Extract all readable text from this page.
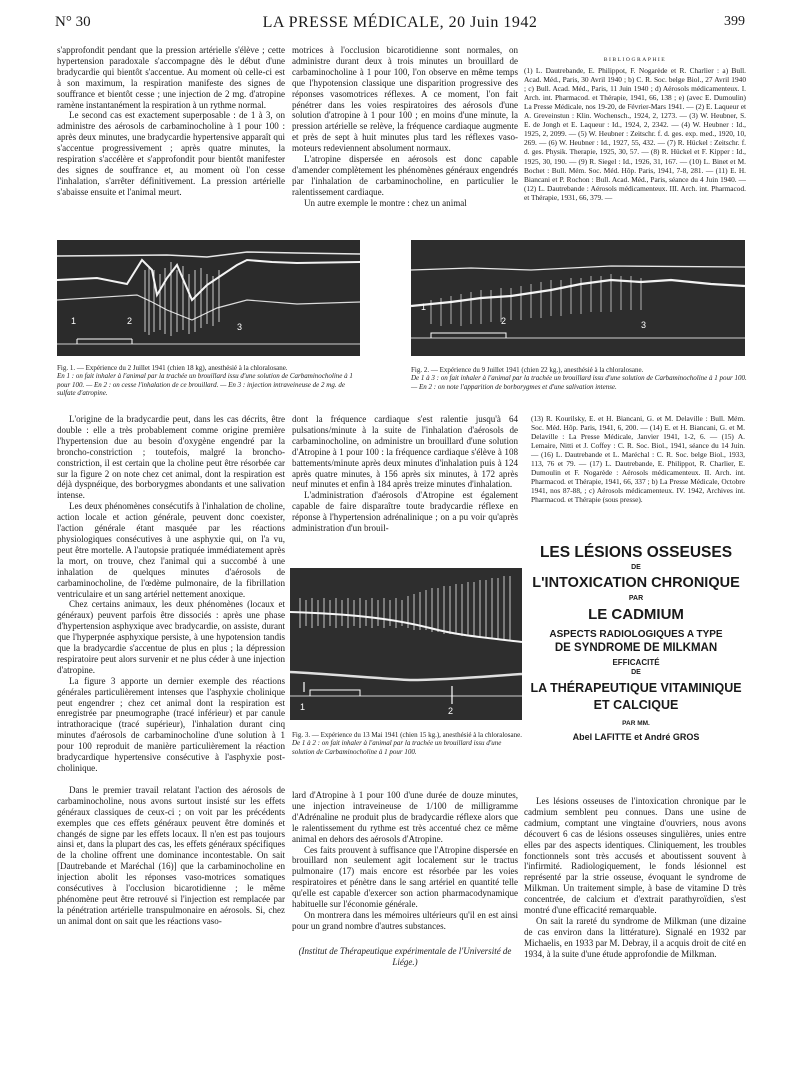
N° 30	LA PRESSE MÉDICALE, 20 Juin 1942	399

s'approfondit pendant que la pression artérielle s'élève ; cette hypertension paradoxale s'accompagne dès le début d'une bradycardie qui bientôt s'accentue. Au moment où celle-ci est à son maximum, la respiration manifeste des signes de souffrance et bientôt cesse ; une injection de 2 mg. d'atropine ramène instantanément la respiration à un rythme normal.

Le second cas est exactement superposable : de 1 à 3, on administre des aérosols de carbaminocholine à 1 pour 100 : après deux minutes, une bradycardie hypertensive apparaît qui s'accentue progressivement ; après quatre minutes, la respiration s'accélère et s'approfondit pour bientôt manifester des signes de souffrance et, au moment où l'on cesse l'inhalation, s'arrêter définitivement. La pression artérielle s'abaisse ensuite et l'animal meurt.

motrices à l'occlusion bicarotidienne sont normales, on administre durant deux à trois minutes un brouillard de carbaminocholine à 1 pour 100, l'on observe en même temps que l'hypotension classique une disparition progressive des réponses vasomotrices réflexes. A ce moment, l'on fait pénétrer dans les voies respiratoires des aérosols d'une solution d'atropine à 1 pour 100 ; en moins d'une minute, la pression artérielle se relève, la fréquence cardiaque augmente et près de sept à huit minutes plus tard les réflexes vaso-moteurs redeviennent absolument normaux.

L'atropine dispersée en aérosols est donc capable d'amender complètement les phénomènes généraux engendrés par l'inhalation de carbaminocholine, en particulier le ralentissement cardiaque.

Un autre exemple le montre : chez un animal

BIBLIOGRAPHIE
(1) L. Dautrebande, E. Philippot, F. Nogarède et R. Charlier : a) Bull. Acad. Méd., Paris, 30 Avril 1940 ; b) C. R. Soc. belge Biol., 27 Avril 1940 ; c) Bull. Acad. Méd., Paris, 11 Juin 1940 ; d) Aérosols médicamenteux. I. Arch. int. Pharmacod. et Thérapie, 1941, 66, 138 ; e) (avec E. Dumoulin) La Presse Médicale, nos 19-20, de Février-Mars 1941. — (2) E. Laqueur et A. Greveinstun : Klin. Wochensch., 1924, 2, 1273. — (3) W. Heubner, S. E. de Jongh et E. Laqueur : Id., 1924, 2, 2342. — (4) W. Heubner : Id., 1925, 2, 2099. — (5) W. Heubner : Zeitschr. f. d. ges. exp. med., 1920, 10, 269. — (6) W. Heubner : Id., 1927, 55, 432. — (7) R. Hückel : Zeitschr. f. d. ges. Physik. Therapie, 1925, 30, 57. — (8) R. Hückel et F. Kipper : Id., 1925, 30, 190. — (9) R. Siegel : Id., 1926, 31, 167. — (10) L. Binet et M. Bochet : Bull. Mém. Soc. Méd. Hôp. Paris, 1941, 7-8, 281. — (11) E. H. Biancani et P. Rochon : Bull. Acad. Méd., Paris, séance du 4 Juin 1940. — (12) L. Dautrebande : Aérosols médicamenteux. III. Arch. int. Pharmacod. et Thérapie, 1931, 66, 379. —
1	2
3
Fig. 1. — Expérience du 2 Juillet 1941 (chien 18 kg), anesthésié à la chloralosane.
En 1 : on fait inhaler à l'animal par la trachée un brouillard issu d'une solution de Carbaminocholine à 1 pour 100. — En 2 : on cesse l'inhalation de ce brouillard. — En 3 : injection intraveineuse de 2 mg. de sulfate d'atropine.
1
2	3
Fig. 2. — Expérience du 9 Juillet 1941 (chien 22 kg.), anesthésié à la chloralosane.
De 1 à 3 : on fait inhaler à l'animal par la trachée un brouillard issu d'une solution de Carbaminocholine à 1 pour 100. — En 2 : on note l'apparition de borborygmes et d'une salivation intense.

L'origine de la bradycardie peut, dans les cas décrits, être double : elle a très probablement comme origine première l'hypertension due au besoin d'oxygène engendré par la broncho-constriction ; toutefois, malgré la broncho-constriction, il est certain que la choline peut être résorbée car sur la figure 2 on note chez cet animal, dont la respiration est déjà dyspnéique, des borborygmes abondants et une salivation intense.

Les deux phénomènes consécutifs à l'inhalation de choline, action locale et action générale, peuvent donc coexister, l'action générale étant masquée par les réactions physiologiques consécutives à une asphyxie qui, on l'a vu, peut être mortelle. A l'autopsie pratiquée immédiatement après la mort, on trouve, chez l'animal qui a succombé à une inhalation de quelques minutes d'aérosols de carbaminocholine, de l'œdème pulmonaire, de la fibrillation ventriculaire et un sang artériel nettement anoxique.

Chez certains animaux, les deux phénomènes (locaux et généraux) peuvent parfois être dissociés : après une phase d'hypertension asphyxique avec bradycardie, on assiste, durant que l'hyperpnée asphyxique persiste, à une hypotension tandis que la bradycardie s'accentue de plus en plus ; la dépression respiratoire peut alors survenir et ne plus céder à une injection d'atropine.

La figure 3 apporte un dernier exemple des réactions générales particulièrement intenses que l'asphyxie cholinique peut engendrer ; chez cet animal dont la respiration est enregistrée par pneumographe (tracé inférieur) et par canule intrathoracique (tracé supérieur), l'inhalation durant cinq minutes d'aérosols de carbaminocholine d'une solution à 1 pour 100 reproduit de manière particulièrement la réaction bradycardique hypertensive consécutive à l'asphyxie post-cholinique.

Dans le premier travail relatant l'action des aérosols de carbaminocholine, nous avons surtout insisté sur les effets généraux classiques de ceux-ci ; on voit par les précédents exemples que ces effets généraux peuvent être dominés et changés de signe par les effets locaux. Il n'en est pas toujours ainsi et, dans la plupart des cas, les effets généraux spécifiques de la choline offrent une dominance incontestable. On sait [Dautrebande et Maréchal (16)] que la carbaminocholine en injection abolit les réponses vaso-motrices somatiques consécutives à l'occlusion bicarotidienne ; le même phénomène peut être retrouvé si l'injection est remplacée par la pénétration artérielle transpulmonaire en aérosols. Si, chez un animal dont on sait que les réactions vaso-

dont la fréquence cardiaque s'est ralentie jusqu'à 64 pulsations/minute à la suite de l'inhalation d'aérosols de carbaminocholine, on administre un brouillard d'une solution d'Atropine à 1 pour 100 : la fréquence cardiaque s'élève à 108 battements/minute après deux minutes d'inhalation puis à 124 après quatre minutes, à 156 après six minutes, à 172 après neuf minutes et enfin à 184 après treize minutes d'inhalation.

L'administration d'aérosols d'Atropine est également capable de faire disparaître toute bradycardie réflexe en réponse à l'hypertension adrénalinique ; on a pu voir qu'après administration d'un brouil-

1	2
Fig. 3. — Expérience du 13 Mai 1941 (chien 15 kg.), anesthésié à la chloralosane.
De 1 à 2 : on fait inhaler à l'animal par la trachée un brouillard issu d'une solution de Carbaminocholine à 1 pour 100.

lard d'Atropine à 1 pour 100 d'une durée de douze minutes, une injection intraveineuse de 1/100 de milligramme d'Adrénaline ne produit plus de bradycardie réflexe alors que le ralentissement du rythme est très accentué chez ce même animal en dehors des aérosols d'Atropine.

Ces faits prouvent à suffisance que l'Atropine dispersée en brouillard non seulement agit localement sur le tractus pulmonaire (17) mais encore est résorbée par les voies respiratoires et pénètre dans le sang artériel en quantité telle qu'elle est capable d'exercer son action pharmacodynamique habituelle sur l'économie générale.

On montrera dans les mémoires ultérieurs qu'il en est ainsi pour un grand nombre d'autres substances.

(Institut de Thérapeutique expérimentale de l'Université de Liége.)
(13) R. Kourilsky, E. et H. Biancani, G. et M. Delaville : Bull. Mém. Soc. Méd. Hôp. Paris, 1941, 6, 200. — (14) E. et H. Biancani, G. et M. Delaville : La Presse Médicale, Janvier 1941, 1-2, 6. — (15) A. Lemaire, Nitti et J. Coffey : C. R. Soc. Biol., 1941, séance du 14 Juin. — (16) L. Dautrebande et L. Maréchal : C. R. Soc. belge Biol., 1933, 113, 76 et 79. — (17) L. Dautrebande, E. Philippot, R. Charlier, E. Dumoulin et F. Nogarède : Aérosols médicamenteux. II. Arch. int. Pharmacod. et Thérapie, 1941, 66, 337 ; b) La Presse Médicale, Octobre 1941, nos 87-88, ; c) Aérosols médicamenteux. IV. 1942, Archives int. Pharmacod. et Thérapie (sous presse).
LES LÉSIONS OSSEUSES
DE
L'INTOXICATION CHRONIQUE
PAR
LE CADMIUM
ASPECTS RADIOLOGIQUES A TYPE
DE SYNDROME DE MILKMAN
EFFICACITÉ
DE
LA THÉRAPEUTIQUE VITAMINIQUE
ET CALCIQUE
PAR MM.
Abel LAFITTE et André GROS

Les lésions osseuses de l'intoxication chronique par le cadmium semblent peu connues. Dans une usine de cadmium, comptant une vingtaine d'ouvriers, nous avons découvert 6 cas de lésions osseuses singulières, unies entre elles par des aspects identiques. Cliniquement, les troubles fonctionnels sont très accusés et aboutissent souvent à l'infirmité. Radiologiquement, le fonds lésionnel est représenté par la strie osseuse, évoquant le syndrome de Milkman. Un traitement simple, à base de vitamine D très concentrée, de calcium et d'extrait parathyroïdien, s'est montré d'une efficacité remarquable.

On sait la rareté du syndrome de Milkman (une dizaine de cas environ dans la littérature). Signalé en 1932 par Michaelis, en 1933 par M. Debray, il a acquis droit de cité en 1934, à la suite d'une étude approfondie de Milkman.
